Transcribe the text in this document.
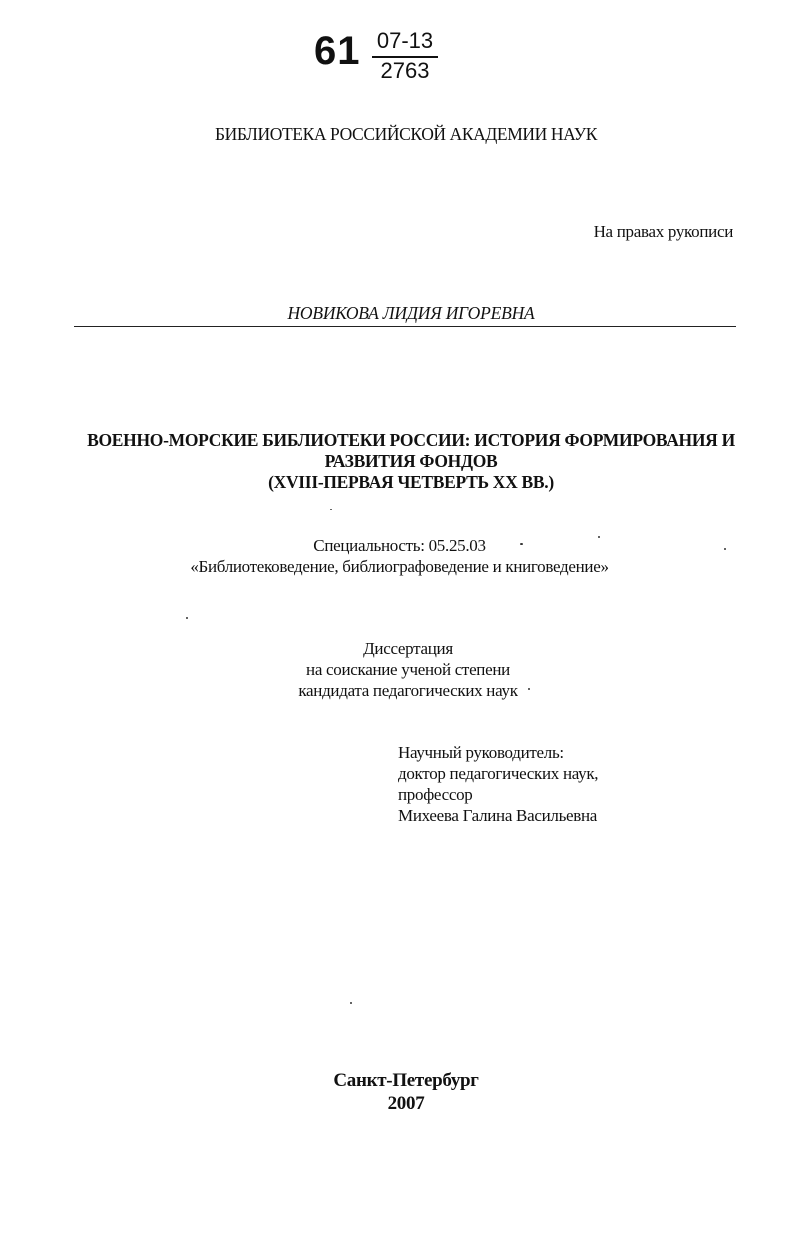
61 07-13
2763
БИБЛИОТЕКА РОССИЙСКОЙ АКАДЕМИИ НАУК
На правах рукописи
НОВИКОВА ЛИДИЯ ИГОРЕВНА
ВОЕННО-МОРСКИЕ БИБЛИОТЕКИ РОССИИ: ИСТОРИЯ ФОРМИРОВАНИЯ И
РАЗВИТИЯ ФОНДОВ
(XVIII-ПЕРВАЯ ЧЕТВЕРТЬ XX ВВ.)
Специальность: 05.25.03
«Библиотековедение, библиографоведение и книговедение»
Диссертация
на соискание ученой степени
кандидата педагогических наук
Научный руководитель:
доктор педагогических наук,
профессор
Михеева Галина Васильевна
Санкт-Петербург
2007
